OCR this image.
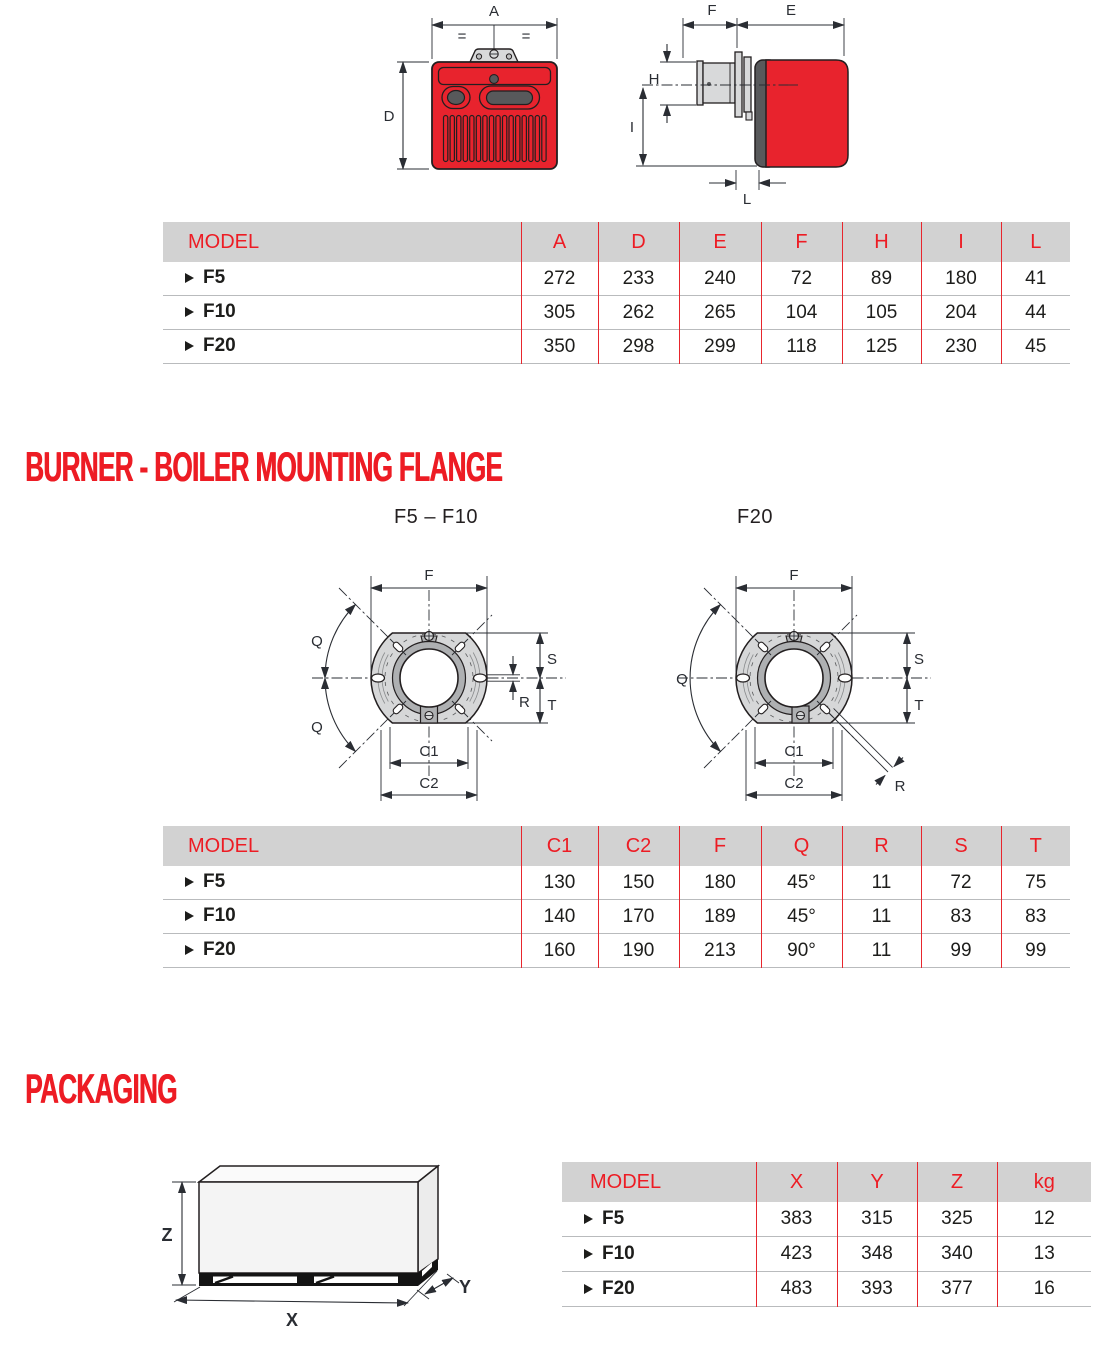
A
=	=
D
F	E
H
I
L
MODEL	A	D	E	F	H	I	L
F5	272	233	240	72	89	180	41
F10	305	262	265	104	105	204	44
F20	350	298	299	118	125	230	45
BURNER - BOILER MOUNTING FLANGE
F5 – F10	F20
Q
Q
F
S
T
R
C1
C2
Q
F
S
T
R
C1
C2
MODEL	C1	C2	F	Q	R	S	T
F5	130	150	180	45°	11	72	75
F10	140	170	189	45°	11	83	83
F20	160	190	213	90°	11	99	99
PACKAGING
Z
X
Y
MODEL	X	Y	Z	kg
F5	383	315	325	12
F10	423	348	340	13
F20	483	393	377	16
